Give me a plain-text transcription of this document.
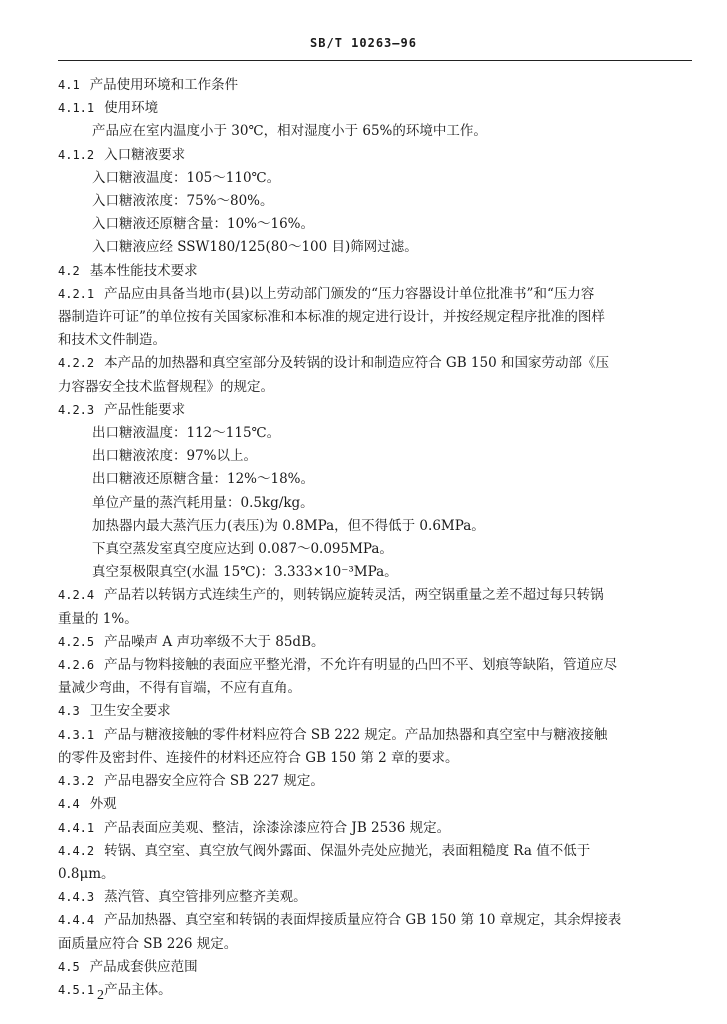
SB/T 10263—96
4.1 产品使用环境和工作条件
4.1.1 使用环境
产品应在室内温度小于 30℃，相对湿度小于 65%的环境中工作。
4.1.2 入口糖液要求
入口糖液温度：105～110℃。
入口糖液浓度：75%～80%。
入口糖液还原糖含量：10%～16%。
入口糖液应经 SSW180/125(80～100 目)筛网过滤。
4.2 基本性能技术要求
4.2.1 产品应由具备当地市(县)以上劳动部门颁发的“压力容器设计单位批准书”和“压力容
器制造许可证”的单位按有关国家标准和本标准的规定进行设计，并按经规定程序批准的图样
和技术文件制造。
4.2.2 本产品的加热器和真空室部分及转锅的设计和制造应符合 GB 150 和国家劳动部《压
力容器安全技术监督规程》的规定。
4.2.3 产品性能要求
出口糖液温度：112～115℃。
出口糖液浓度：97%以上。
出口糖液还原糖含量：12%～18%。
单位产量的蒸汽耗用量：0.5kg/kg。
加热器内最大蒸汽压力(表压)为 0.8MPa，但不得低于 0.6MPa。
下真空蒸发室真空度应达到 0.087～0.095MPa。
真空泵极限真空(水温 15℃)：3.333×10⁻³MPa。
4.2.4 产品若以转锅方式连续生产的，则转锅应旋转灵活，两空锅重量之差不超过每只转锅
重量的 1%。
4.2.5 产品噪声 A 声功率级不大于 85dB。
4.2.6 产品与物料接触的表面应平整光滑，不允许有明显的凸凹不平、划痕等缺陷，管道应尽
量减少弯曲，不得有盲端，不应有直角。
4.3 卫生安全要求
4.3.1 产品与糖液接触的零件材料应符合 SB 222 规定。产品加热器和真空室中与糖液接触
的零件及密封件、连接件的材料还应符合 GB 150 第 2 章的要求。
4.3.2 产品电器安全应符合 SB 227 规定。
4.4 外观
4.4.1 产品表面应美观、整洁，涂漆涂漆应符合 JB 2536 规定。
4.4.2 转锅、真空室、真空放气阀外露面、保温外壳处应抛光，表面粗糙度 Ra 值不低于
0.8μm。
4.4.3 蒸汽管、真空管排列应整齐美观。
4.4.4 产品加热器、真空室和转锅的表面焊接质量应符合 GB 150 第 10 章规定，其余焊接表
面质量应符合 SB 226 规定。
4.5 产品成套供应范围
4.5.1 产品主体。
2
